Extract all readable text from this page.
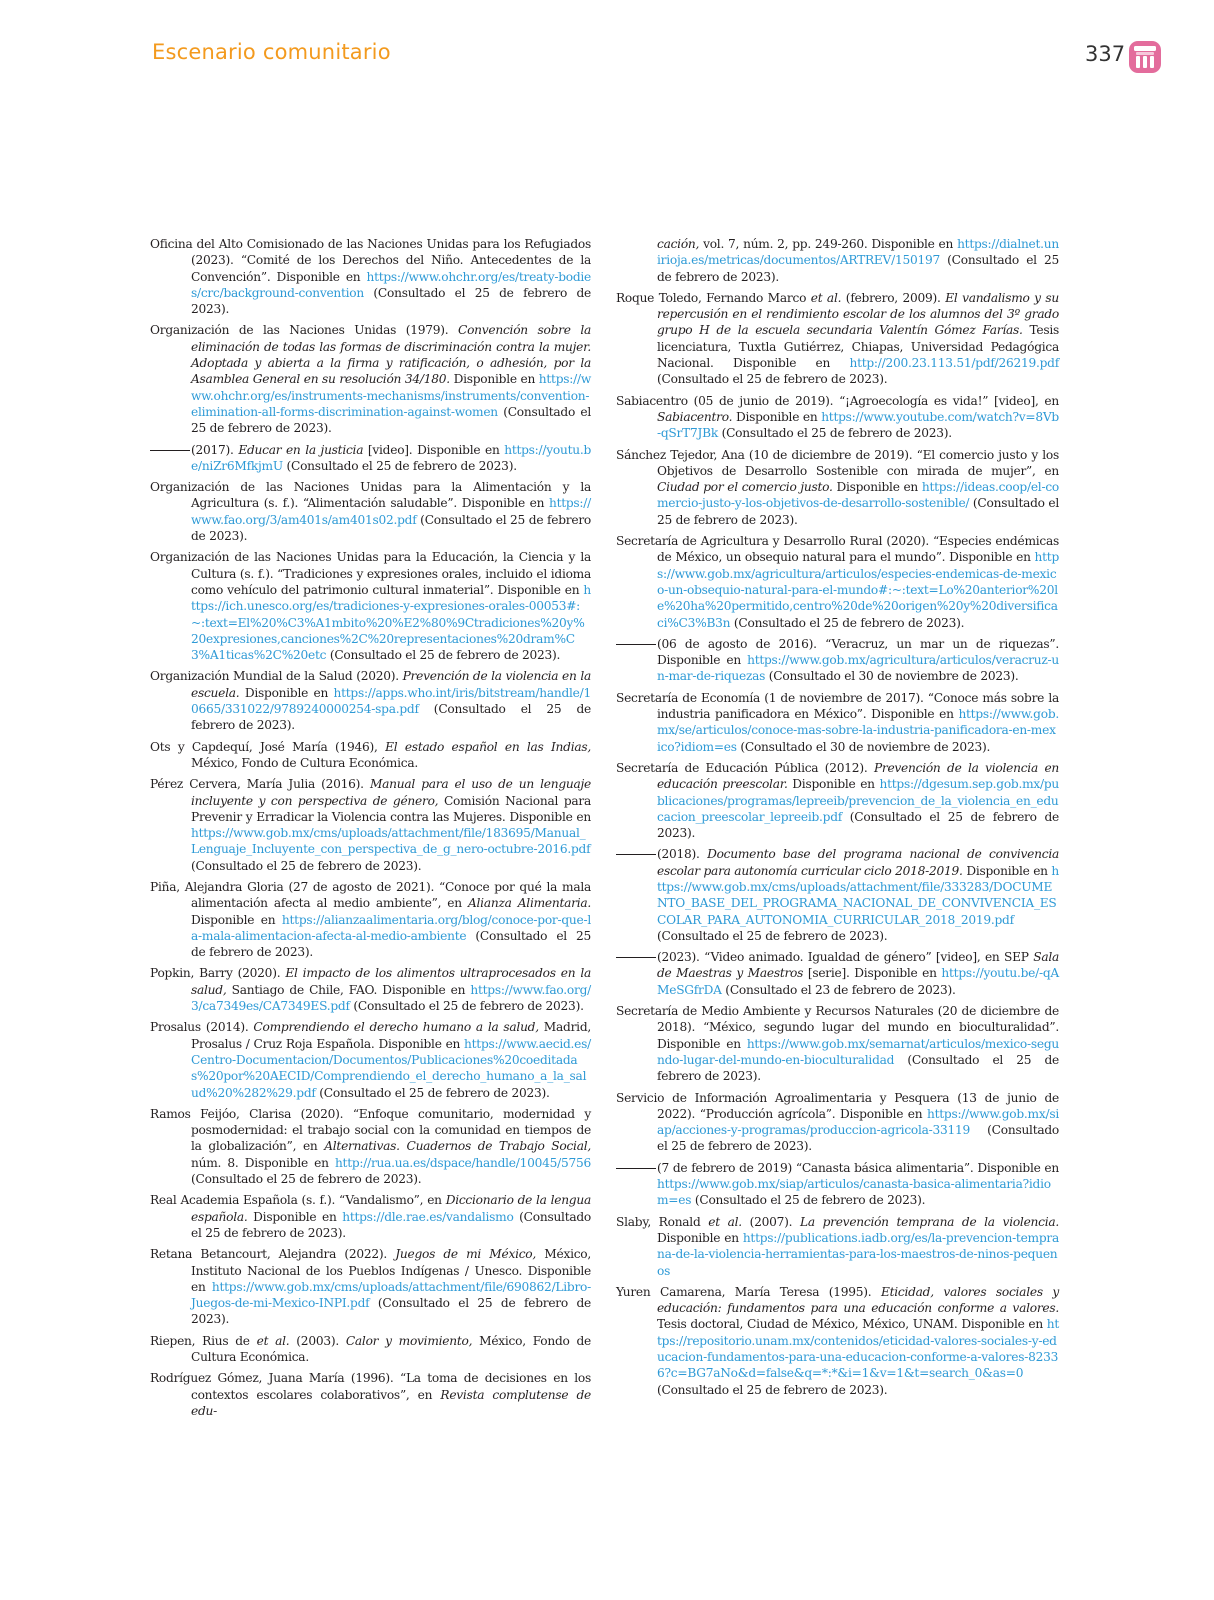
Escenario comunitario	337

Oficina del Alto Comisionado de las Naciones Unidas para los Refugiados (2023). “Comité de los Derechos del Niño. Antecedentes de la Convención”. Disponible en https://www.ohchr.org/es/treaty-bodies/crc/background-convention (Consultado el 25 de febrero de 2023).

Organización de las Naciones Unidas (1979). Convención sobre la eliminación de todas las formas de discriminación contra la mujer. Adoptada y abierta a la firma y ratificación, o adhesión, por la Asamblea General en su resolución 34/180. Disponible en https://www.ohchr.org/es/instruments-mechanisms/instruments/convention-elimination-all-forms-discrimination-against-women (Consultado el 25 de febrero de 2023).

(2017). Educar en la justicia [video]. Disponible en https://youtu.be/niZr6MfkjmU (Consultado el 25 de febrero de 2023).

Organización de las Naciones Unidas para la Alimentación y la Agricultura (s. f.). “Alimentación saludable”. Disponible en https://www.fao.org/3/am401s/am401s02.pdf (Consultado el 25 de febrero de 2023).

Organización de las Naciones Unidas para la Educación, la Ciencia y la Cultura (s. f.). “Tradiciones y expresiones orales, incluido el idioma como vehículo del patrimonio cultural inmaterial”. Disponible en https://ich.unesco.org/es/tradiciones-y-expresiones-orales-00053#:~:text=El%20%C3%A1mbito%20%E2%80%9Ctradiciones%20y%20expresiones,canciones%2C%20representaciones%20dram%C3%A1ticas%2C%20etc (Consultado el 25 de febrero de 2023).

Organización Mundial de la Salud (2020). Prevención de la violencia en la escuela. Disponible en https://apps.who.int/iris/bitstream/handle/10665/331022/9789240000254-spa.pdf (Consultado el 25 de febrero de 2023).

Ots y Capdequí, José María (1946), El estado español en las Indias, México, Fondo de Cultura Económica.

Pérez Cervera, María Julia (2016). Manual para el uso de un lenguaje incluyente y con perspectiva de género, Comisión Nacional para Prevenir y Erradicar la Violencia contra las Mujeres. Disponible en https://www.gob.mx/cms/uploads/attachment/file/183695/Manual_Lenguaje_Incluyente_con_perspectiva_de_g_nero-octubre-2016.pdf (Consultado el 25 de febrero de 2023).

Piña, Alejandra Gloria (27 de agosto de 2021). “Conoce por qué la mala alimentación afecta al medio ambiente”, en Alianza Alimentaria. Disponible en https://alianzaalimentaria.org/blog/conoce-por-que-la-mala-alimentacion-afecta-al-medio-ambiente (Consultado el 25 de febrero de 2023).

Popkin, Barry (2020). El impacto de los alimentos ultraprocesados en la salud, Santiago de Chile, FAO. Disponible en https://www.fao.org/3/ca7349es/CA7349ES.pdf (Consultado el 25 de febrero de 2023).

Prosalus (2014). Comprendiendo el derecho humano a la salud, Madrid, Prosalus / Cruz Roja Española. Disponible en https://www.aecid.es/Centro-Documentacion/Documentos/Publicaciones%20coeditadas%20por%20AECID/Comprendiendo_el_derecho_humano_a_la_salud%20%282%29.pdf (Consultado el 25 de febrero de 2023).

Ramos Feijóo, Clarisa (2020). “Enfoque comunitario, modernidad y posmodernidad: el trabajo social con la comunidad en tiempos de la globalización”, en Alternativas. Cuadernos de Trabajo Social, núm. 8. Disponible en http://rua.ua.es/dspace/handle/10045/5756 (Consultado el 25 de febrero de 2023).

Real Academia Española (s. f.). “Vandalismo”, en Diccionario de la lengua española. Disponible en https://dle.rae.es/vandalismo (Consultado el 25 de febrero de 2023).

Retana Betancourt, Alejandra (2022). Juegos de mi México, México, Instituto Nacional de los Pueblos Indígenas / Unesco. Disponible en https://www.gob.mx/cms/uploads/attachment/file/690862/Libro-Juegos-de-mi-Mexico-INPI.pdf (Consultado el 25 de febrero de 2023).

Riepen, Rius de et al. (2003). Calor y movimiento, México, Fondo de Cultura Económica.

Rodríguez Gómez, Juana María (1996). “La toma de decisiones en los contextos escolares colaborativos”, en Revista complutense de edu-

cación, vol. 7, núm. 2, pp. 249-260. Disponible en https://dialnet.unirioja.es/metricas/documentos/ARTREV/150197 (Consultado el 25 de febrero de 2023).

Roque Toledo, Fernando Marco et al. (febrero, 2009). El vandalismo y su repercusión en el rendimiento escolar de los alumnos del 3º grado grupo H de la escuela secundaria Valentín Gómez Farías. Tesis licenciatura, Tuxtla Gutiérrez, Chiapas, Universidad Pedagógica Nacional. Disponible en http://200.23.113.51/pdf/26219.pdf (Consultado el 25 de febrero de 2023).

Sabiacentro (05 de junio de 2019). “¡Agroecología es vida!” [video], en Sabiacentro. Disponible en https://www.youtube.com/watch?v=8Vb-qSrT7JBk (Consultado el 25 de febrero de 2023).

Sánchez Tejedor, Ana (10 de diciembre de 2019). “El comercio justo y los Objetivos de Desarrollo Sostenible con mirada de mujer”, en Ciudad por el comercio justo. Disponible en https://ideas.coop/el-comercio-justo-y-los-objetivos-de-desarrollo-sostenible/ (Consultado el 25 de febrero de 2023).

Secretaría de Agricultura y Desarrollo Rural (2020). “Especies endémicas de México, un obsequio natural para el mundo”. Disponible en https://www.gob.mx/agricultura/articulos/especies-endemicas-de-mexico-un-obsequio-natural-para-el-mundo#:~:text=Lo%20anterior%20le%20ha%20permitido,centro%20de%20origen%20y%20diversificaci%C3%B3n (Consultado el 25 de febrero de 2023).

(06 de agosto de 2016). “Veracruz, un mar un de riquezas”. Disponible en https://www.gob.mx/agricultura/articulos/veracruz-un-mar-de-riquezas (Consultado el 30 de noviembre de 2023).

Secretaría de Economía (1 de noviembre de 2017). “Conoce más sobre la industria panificadora en México”. Disponible en https://www.gob.mx/se/articulos/conoce-mas-sobre-la-industria-panificadora-en-mexico?idiom=es (Consultado el 30 de noviembre de 2023).

Secretaría de Educación Pública (2012). Prevención de la violencia en educación preescolar. Disponible en https://dgesum.sep.gob.mx/publicaciones/programas/lepreeib/prevencion_de_la_violencia_en_educacion_preescolar_lepreeib.pdf (Consultado el 25 de febrero de 2023).

(2018). Documento base del programa nacional de convivencia escolar para autonomía curricular ciclo 2018-2019. Disponible en https://www.gob.mx/cms/uploads/attachment/file/333283/DOCUMENTO_BASE_DEL_PROGRAMA_NACIONAL_DE_CONVIVENCIA_ESCOLAR_PARA_AUTONOMIA_CURRICULAR_2018_2019.pdf (Consultado el 25 de febrero de 2023).

(2023). “Video animado. Igualdad de género” [video], en SEP Sala de Maestras y Maestros [serie]. Disponible en https://youtu.be/-qAMeSGfrDA (Consultado el 23 de febrero de 2023).

Secretaría de Medio Ambiente y Recursos Naturales (20 de diciembre de 2018). “México, segundo lugar del mundo en bioculturalidad”. Disponible en https://www.gob.mx/semarnat/articulos/mexico-segundo-lugar-del-mundo-en-bioculturalidad (Consultado el 25 de febrero de 2023).

Servicio de Información Agroalimentaria y Pesquera (13 de junio de 2022). “Producción agrícola”. Disponible en https://www.gob.mx/siap/acciones-y-programas/produccion-agricola-33119 (Consultado el 25 de febrero de 2023).

(7 de febrero de 2019) “Canasta básica alimentaria”. Disponible en https://www.gob.mx/siap/articulos/canasta-basica-alimentaria?idiom=es (Consultado el 25 de febrero de 2023).

Slaby, Ronald et al. (2007). La prevención temprana de la violencia. Disponible en https://publications.iadb.org/es/la-prevencion-temprana-de-la-violencia-herramientas-para-los-maestros-de-ninos-pequenos

Yuren Camarena, María Teresa (1995). Eticidad, valores sociales y educación: fundamentos para una educación conforme a valores. Tesis doctoral, Ciudad de México, México, UNAM. Disponible en https://repositorio.unam.mx/contenidos/eticidad-valores-sociales-y-educacion-fundamentos-para-una-educacion-conforme-a-valores-82336?c=BG7aNo&d=false&q=*:*&i=1&v=1&t=search_0&as=0 (Consultado el 25 de febrero de 2023).
